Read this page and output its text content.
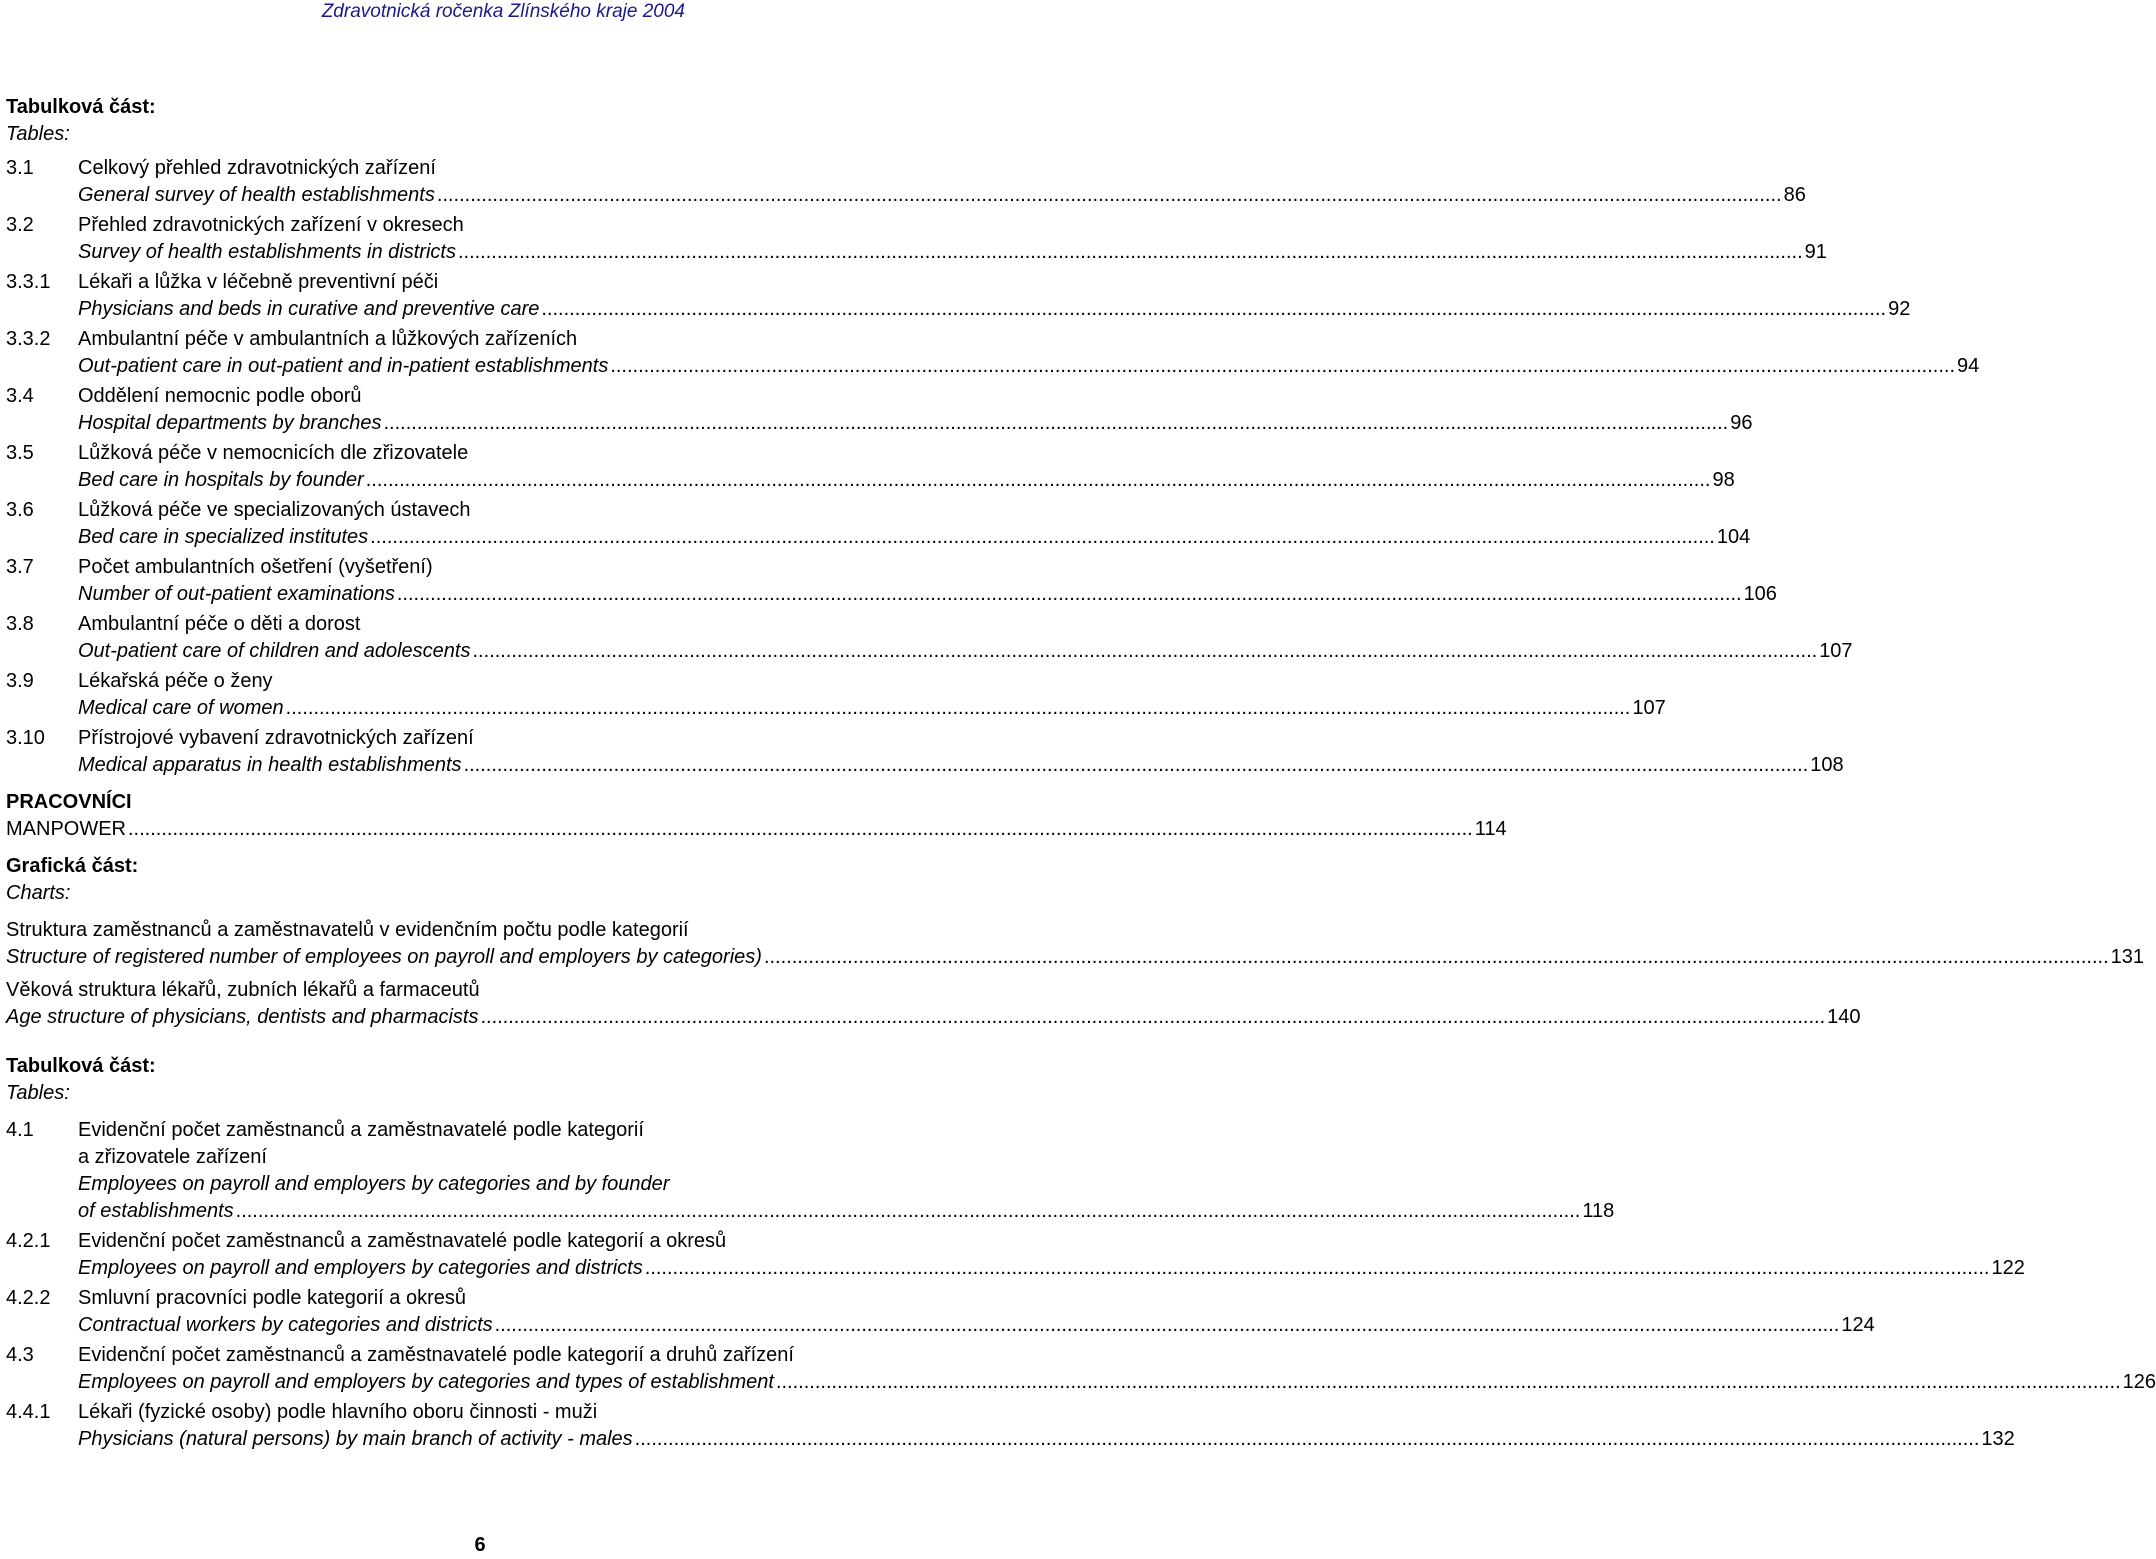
Zdravotnická ročenka Zlínského kraje 2004
Tabulková část:
Tables:
3.1	Celkový přehled zdravotnických zařízení
General survey of health establishments .....	86
3.2	Přehled zdravotnických zařízení v okresech
Survey of health establishments in districts .....	91
3.3.1	Lékaři a lůžka v léčebně preventivní péči
Physicians and beds in curative and preventive care .....	92
3.3.2	Ambulantní péče v ambulantních a lůžkových zařízeních
Out-patient care in out-patient and in-patient establishments .....	94
3.4	Oddělení nemocnic podle oborů
Hospital departments by branches .....	96
3.5	Lůžková péče v nemocnicích dle zřizovatele
Bed care in hospitals by founder .....	98
3.6	Lůžková péče ve specializovaných ústavech
Bed care in specialized institutes .....	104
3.7	Počet ambulantních ošetření (vyšetření)
Number of out-patient examinations .....	106
3.8	Ambulantní péče o děti a dorost
Out-patient care of children and adolescents .....	107
3.9	Lékařská péče o ženy
Medical care of women .....	107
3.10	Přístrojové vybavení zdravotnických zařízení
Medical apparatus in health establishments .....	108
PRACOVNÍCI
MANPOWER .....	114
Grafická část:
Charts:
Struktura zaměstnanců a zaměstnavatelů v evidenčním počtu podle kategorií
Structure of registered number of employees on payroll and employers by categories) .....	131
Věková struktura lékařů, zubních lékařů a farmaceutů
Age structure of physicians, dentists and pharmacists .....	140
Tabulková část:
Tables:
4.1	Evidenční počet zaměstnanců a zaměstnavatelé podle kategorií
a zřizovatele zařízení
Employees on payroll and employers by categories and by founder
of establishments .....	118
4.2.1	Evidenční počet zaměstnanců a zaměstnavatelé podle kategorií a okresů
Employees on payroll and employers by categories and districts .....	122
4.2.2	Smluvní pracovníci podle kategorií a okresů
Contractual workers by categories and districts .....	124
4.3	Evidenční počet zaměstnanců a zaměstnavatelé podle kategorií a druhů zařízení
Employees on payroll and employers by categories and types of establishment .....	126
4.4.1	Lékaři (fyzické osoby) podle hlavního oboru činnosti - muži
Physicians (natural persons) by main branch of activity - males .....	132
6
